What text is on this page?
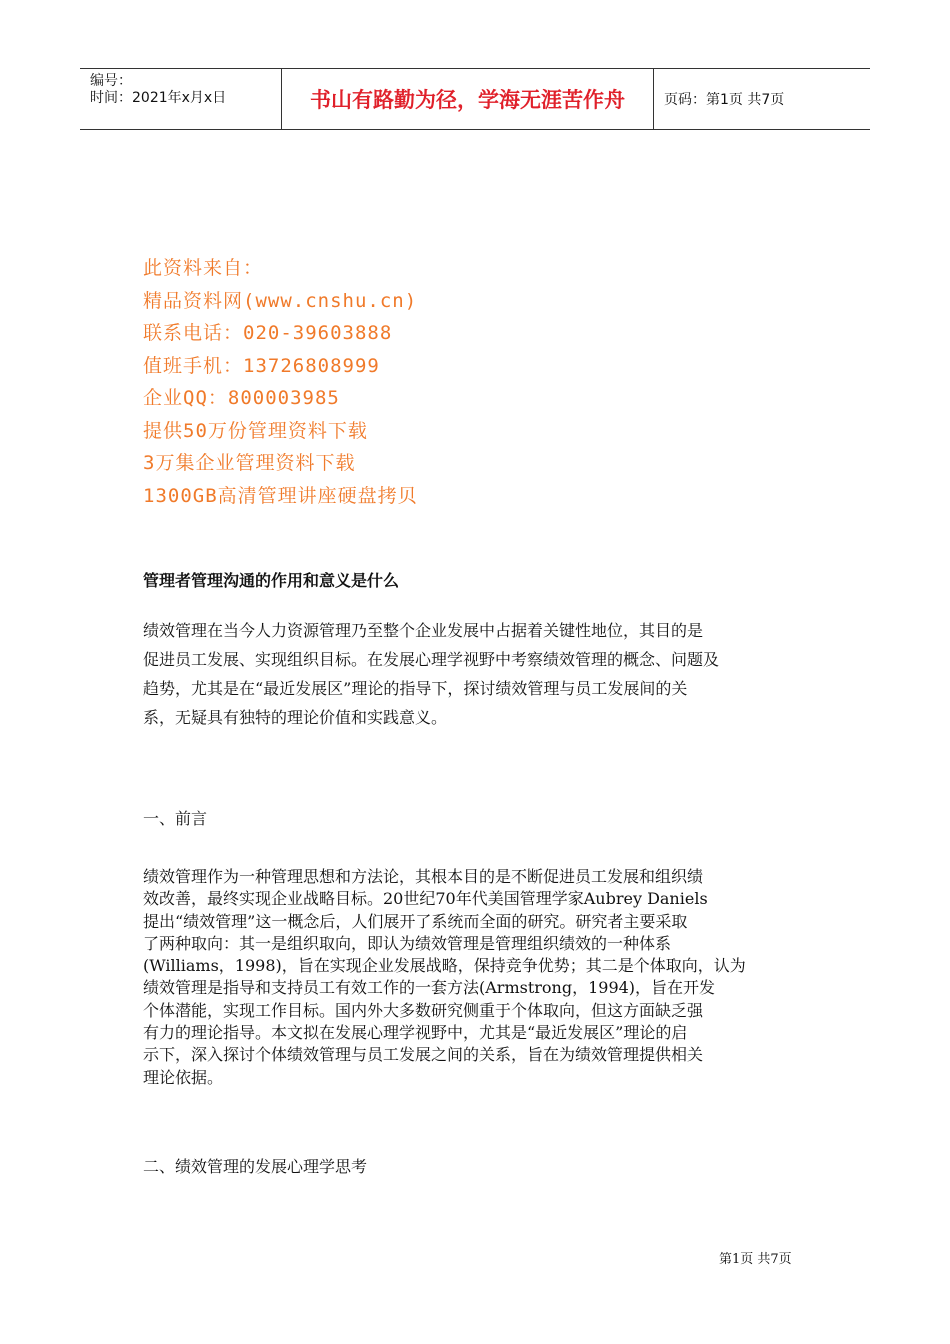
编号：
时间：2021年x月x日	书山有路勤为径，学海无涯苦作舟	页码：第1页 共7页
此资料来自：
精品资料网(www.cnshu.cn)
联系电话：020-39603888
值班手机：13726808999
企业QQ：800003985
提供50万份管理资料下载
3万集企业管理资料下载
1300GB高清管理讲座硬盘拷贝
管理者管理沟通的作用和意义是什么

绩效管理在当今人力资源管理乃至整个企业发展中占据着关键性地位，其目的是

促进员工发展、实现组织目标。在发展心理学视野中考察绩效管理的概念、问题及

趋势，尤其是在“最近发展区”理论的指导下，探讨绩效管理与员工发展间的关

系，无疑具有独特的理论价值和实践意义。

一、前言
绩效管理作为一种管理思想和方法论，其根本目的是不断促进员工发展和组织绩
效改善，最终实现企业战略目标。20世纪70年代美国管理学家Aubrey Daniels
提出“绩效管理”这一概念后，人们展开了系统而全面的研究。研究者主要采取
了两种取向：其一是组织取向，即认为绩效管理是管理组织绩效的一种体系
(Williams，1998)，旨在实现企业发展战略，保持竞争优势；其二是个体取向，认为
绩效管理是指导和支持员工有效工作的一套方法(Armstrong，1994)，旨在开发
个体潜能，实现工作目标。国内外大多数研究侧重于个体取向，但这方面缺乏强
有力的理论指导。本文拟在发展心理学视野中，尤其是“最近发展区”理论的启
示下，深入探讨个体绩效管理与员工发展之间的关系，旨在为绩效管理提供相关
理论依据。
二、绩效管理的发展心理学思考
第1页 共7页
